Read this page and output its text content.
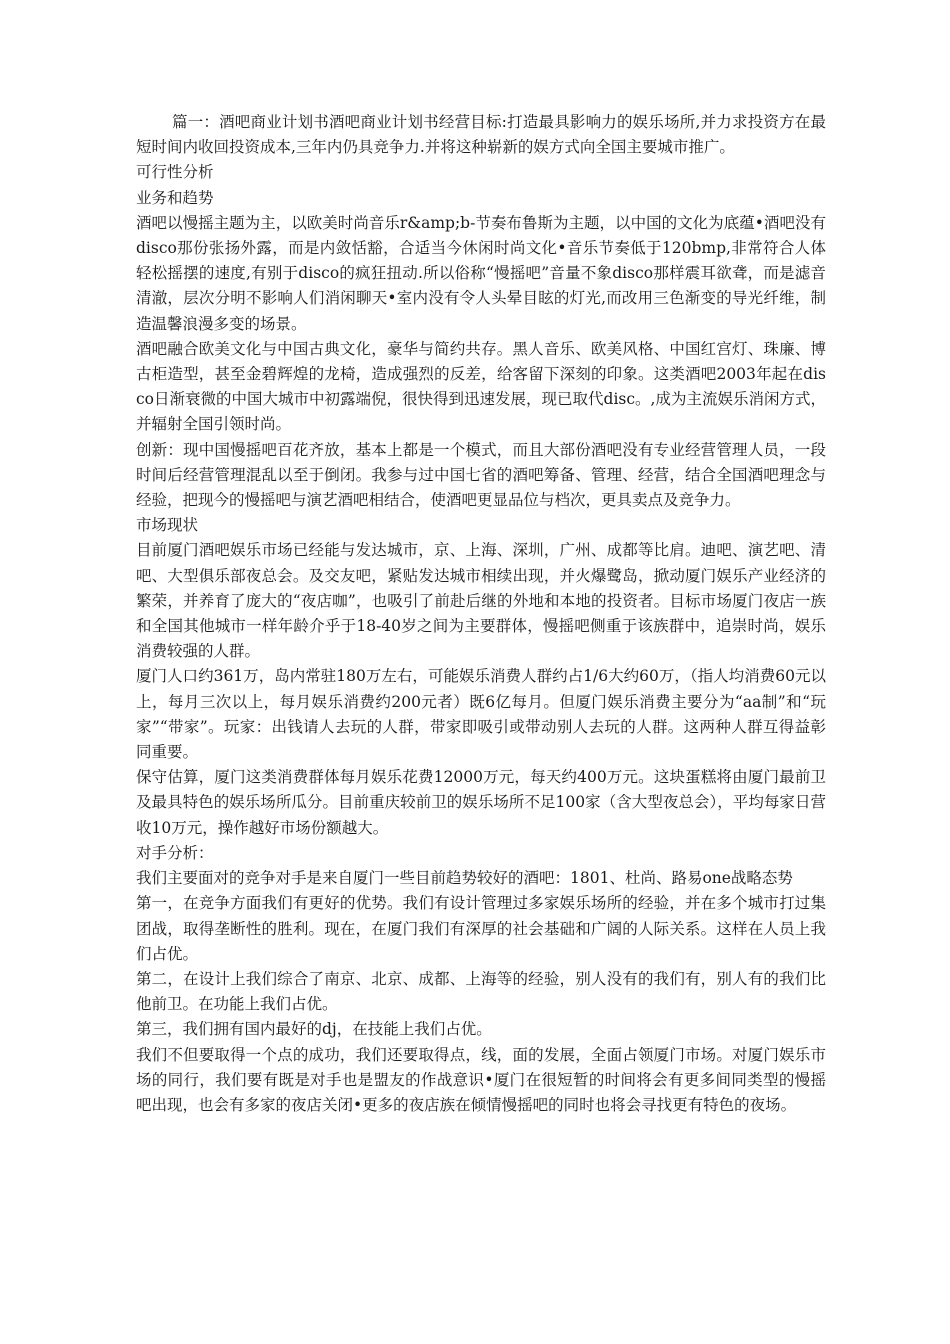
篇一：酒吧商业计划书酒吧商业计划书经营目标:打造最具影响力的娱乐场所,并力求投资方在最短时间内收回投资成本,三年内仍具竞争力.并将这种崭新的娱方式向全国主要城市推广。

可行性分析

业务和趋势

酒吧以慢摇主题为主，以欧美时尚音乐r&amp;b-节奏布鲁斯为主题，以中国的文化为底蕴•酒吧没有disco那份张扬外露，而是内敛恬豁，合适当今休闲时尚文化•音乐节奏低于120bmp,非常符合人体轻松摇摆的速度,有别于disco的疯狂扭动.所以俗称“慢摇吧”音量不象disco那样震耳欲聋，而是滤音清澈，层次分明不影响人们消闲聊天•室内没有令人头晕目眩的灯光,而改用三色渐变的导光纤维，制造温馨浪漫多变的场景。

酒吧融合欧美文化与中国古典文化，豪华与简约共存。黑人音乐、欧美风格、中国红宫灯、珠廉、博古柜造型，甚至金碧辉煌的龙椅，造成强烈的反差，给客留下深刻的印象。这类酒吧2003年起在disco日渐衰微的中国大城市中初露端倪，很快得到迅速发展，现已取代disc。,成为主流娱乐消闲方式，并辐射全国引领时尚。

创新：现中国慢摇吧百花齐放，基本上都是一个模式，而且大部份酒吧没有专业经营管理人员，一段时间后经营管理混乱以至于倒闭。我参与过中国七省的酒吧筹备、管理、经营，结合全国酒吧理念与经验，把现今的慢摇吧与演艺酒吧相结合，使酒吧更显品位与档次，更具卖点及竞争力。

市场现状

目前厦门酒吧娱乐市场已经能与发达城市，京、上海、深圳，广州、成都等比肩。迪吧、演艺吧、清吧、大型俱乐部夜总会。及交友吧，紧贴发达城市相续出现，并火爆鹭岛，掀动厦门娱乐产业经济的繁荣，并养育了庞大的“夜店咖”，也吸引了前赴后继的外地和本地的投资者。目标市场厦门夜店一族和全国其他城市一样年龄介乎于18-40岁之间为主要群体，慢摇吧侧重于该族群中，追崇时尚，娱乐消费较强的人群。

厦门人口约361万，岛内常驻180万左右，可能娱乐消费人群约占1/6大约60万，（指人均消费60元以上，每月三次以上，每月娱乐消费约200元者）既6亿每月。但厦门娱乐消费主要分为“aa制”和“玩家”“带家”。玩家：出钱请人去玩的人群，带家即吸引或带动别人去玩的人群。这两种人群互得益彰同重要。

保守估算，厦门这类消费群体每月娱乐花费12000万元，每天约400万元。这块蛋糕将由厦门最前卫及最具特色的娱乐场所瓜分。目前重庆较前卫的娱乐场所不足100家（含大型夜总会），平均每家日营收10万元，操作越好市场份额越大。

对手分析：

我们主要面对的竞争对手是来自厦门一些目前趋势较好的酒吧：1801、杜尚、路易one战略态势

第一，在竞争方面我们有更好的优势。我们有设计管理过多家娱乐场所的经验，并在多个城市打过集团战，取得垄断性的胜利。现在，在厦门我们有深厚的社会基础和广阔的人际关系。这样在人员上我们占优。

第二，在设计上我们综合了南京、北京、成都、上海等的经验，别人没有的我们有，别人有的我们比他前卫。在功能上我们占优。

第三，我们拥有国内最好的dj，在技能上我们占优。

我们不但要取得一个点的成功，我们还要取得点，线，面的发展，全面占领厦门市场。对厦门娱乐市场的同行，我们要有既是对手也是盟友的作战意识•厦门在很短暂的时间将会有更多间同类型的慢摇吧出现，也会有多家的夜店关闭•更多的夜店族在倾情慢摇吧的同时也将会寻找更有特色的夜场。
